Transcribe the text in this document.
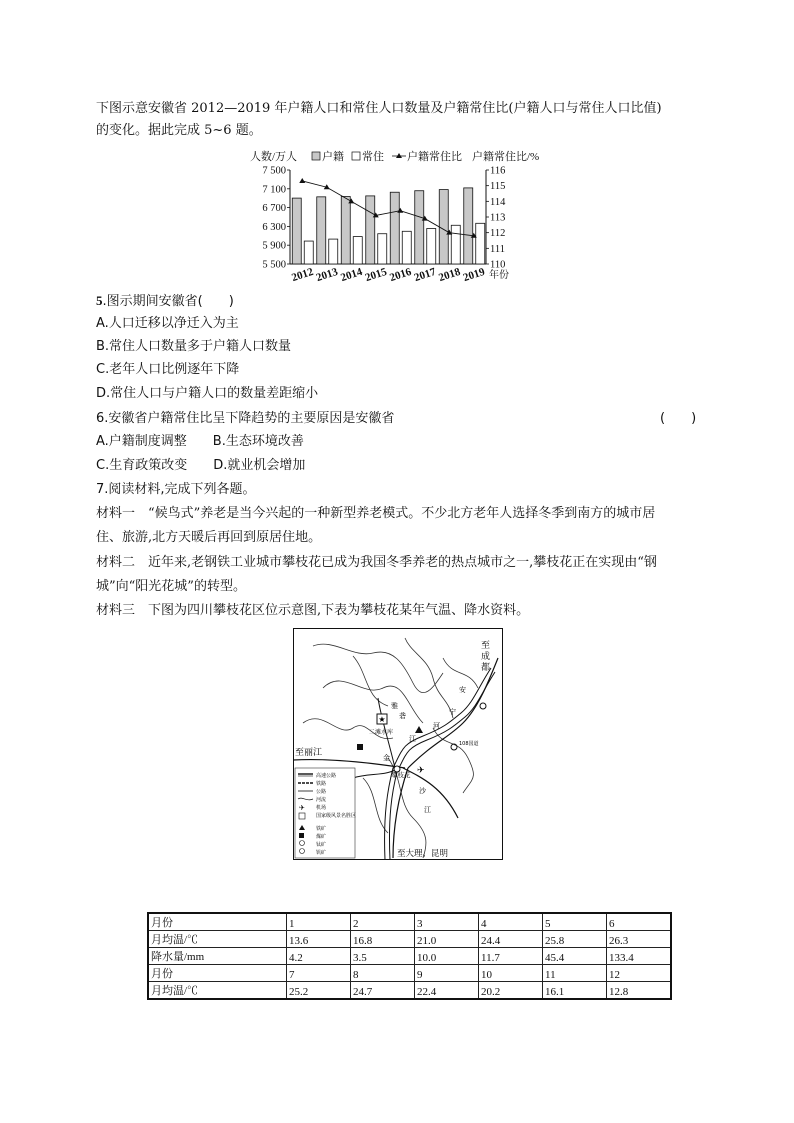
下图示意安徽省 2012—2019 年户籍人口和常住人口数量及户籍常住比(户籍人口与常住人口比值)
的变化。据此完成 5~6 题。
7 500
7 100
6 700
6 300
5 900
5 500
116
115
114
113
112
111
110
人数/万人	户籍常住比/%
年份
户籍 常住 户籍常住比
2012 2013 2014 2015 2016 2017 2018 2019
5.图示期间安徽省(　　)
A.人口迁移以净迁入为主
B.常住人口数量多于户籍人口数量
C.老年人口比例逐年下降
D.常住人口与户籍人口的数量差距缩小
6.安徽省户籍常住比呈下降趋势的主要原因是安徽省	(　　)
A.户籍制度调整　　B.生态环境改善
C.生育政策改变　　D.就业机会增加
7.阅读材料,完成下列各题。
材料一　“候鸟式”养老是当今兴起的一种新型养老模式。不少北方老年人选择冬季到南方的城市居
住、旅游,北方天暖后再回到原居住地。
材料二　近年来,老钢铁工业城市攀枝花已成为我国冬季养老的热点城市之一,攀枝花正在实现由“钢
城”向“阳光花城”的转型。
材料三　下图为四川攀枝花区位示意图,下表为攀枝花某年气温、降水资料。
★
✈
至
成
都
至丽江
至大理、昆明
二滩水库
雅
砻
江
金
沙
江
攀枝花
安
宁
河
108国道
高速公路
铁路
公路
河流
✈ 机场
国家级风景名胜区
铁矿
煤矿
钛矿
钒矿
月份	1	2	3	4	5	6
月均温/℃	13.6	16.8	21.0	24.4	25.8	26.3
降水量/mm	4.2	3.5	10.0	11.7	45.4	133.4
月份	7	8	9	10	11	12
月均温/℃	25.2	24.7	22.4	20.2	16.1	12.8
